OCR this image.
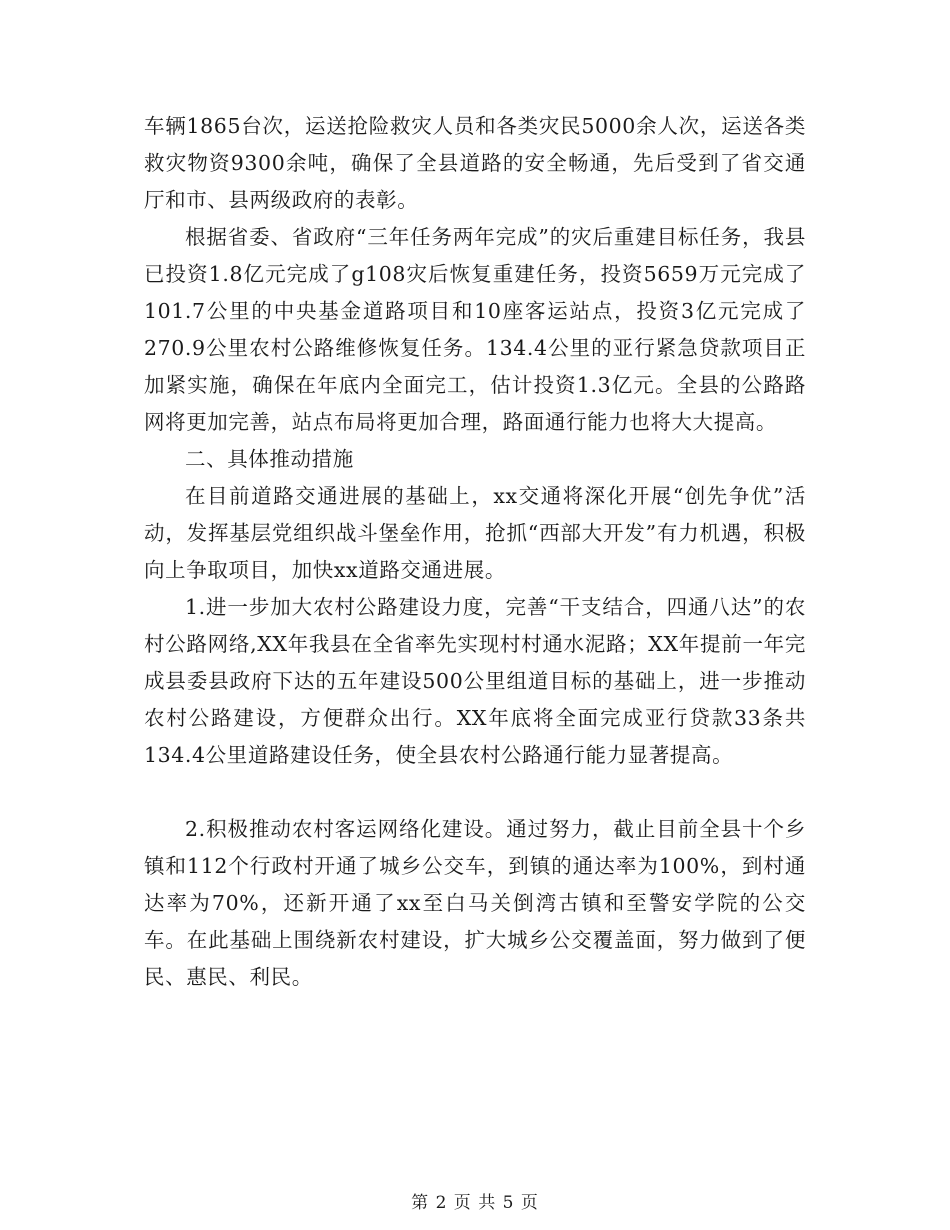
车辆1865台次，运送抢险救灾人员和各类灾民5000余人次，运送各类救灾物资9300余吨，确保了全县道路的安全畅通，先后受到了省交通厅和市、县两级政府的表彰。

根据省委、省政府“三年任务两年完成”的灾后重建目标任务，我县已投资1.8亿元完成了g108灾后恢复重建任务，投资5659万元完成了101.7公里的中央基金道路项目和10座客运站点，投资3亿元完成了270.9公里农村公路维修恢复任务。134.4公里的亚行紧急贷款项目正加紧实施，确保在年底内全面完工，估计投资1.3亿元。全县的公路路网将更加完善，站点布局将更加合理，路面通行能力也将大大提高。

二、具体推动措施

在目前道路交通进展的基础上，xx交通将深化开展“创先争优”活动，发挥基层党组织战斗堡垒作用，抢抓“西部大开发”有力机遇，积极向上争取项目，加快xx道路交通进展。

1.进一步加大农村公路建设力度，完善“干支结合，四通八达”的农村公路网络,XX年我县在全省率先实现村村通水泥路；XX年提前一年完成县委县政府下达的五年建设500公里组道目标的基础上，进一步推动农村公路建设，方便群众出行。XX年底将全面完成亚行贷款33条共134.4公里道路建设任务，使全县农村公路通行能力显著提高。

2.积极推动农村客运网络化建设。通过努力，截止目前全县十个乡镇和112个行政村开通了城乡公交车，到镇的通达率为100%，到村通达率为70%，还新开通了xx至白马关倒湾古镇和至警安学院的公交车。在此基础上围绕新农村建设，扩大城乡公交覆盖面，努力做到了便民、惠民、利民。

第 2 页 共 5 页
